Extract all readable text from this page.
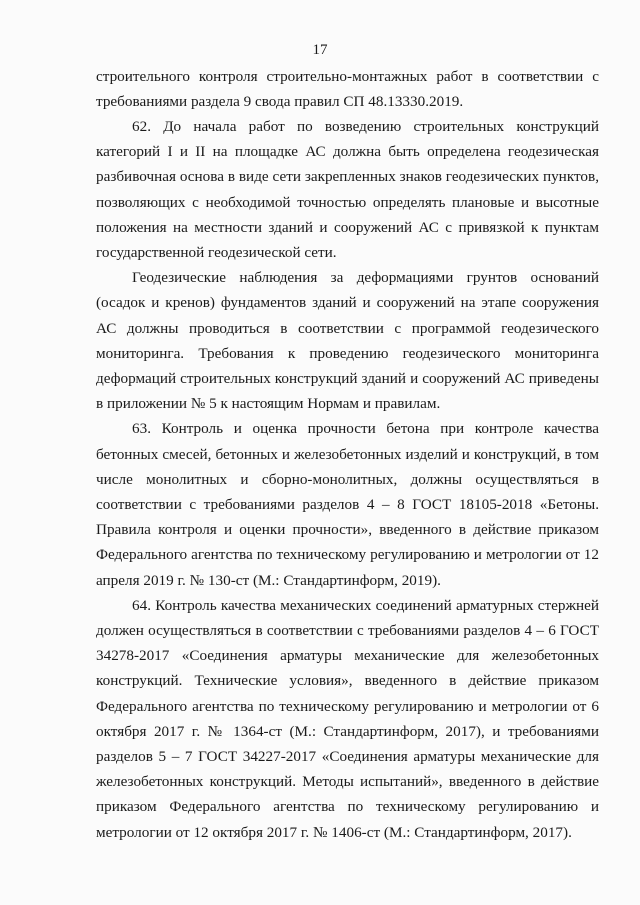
17

строительного контроля строительно-монтажных работ в соответствии с требованиями раздела 9 свода правил СП 48.13330.2019.

62. До начала работ по возведению строительных конструкций категорий I и II на площадке АС должна быть определена геодезическая разбивочная основа в виде сети закрепленных знаков геодезических пунктов, позволяющих с необходимой точностью определять плановые и высотные положения на местности зданий и сооружений АС с привязкой к пунктам государственной геодезической сети.

Геодезические наблюдения за деформациями грунтов оснований (осадок и кренов) фундаментов зданий и сооружений на этапе сооружения АС должны проводиться в соответствии с программой геодезического мониторинга. Требования к проведению геодезического мониторинга деформаций строительных конструкций зданий и сооружений АС приведены в приложении № 5 к настоящим Нормам и правилам.

63. Контроль и оценка прочности бетона при контроле качества бетонных смесей, бетонных и железобетонных изделий и конструкций, в том числе монолитных и сборно-монолитных, должны осуществляться в соответствии с требованиями разделов 4 – 8 ГОСТ 18105-2018 «Бетоны. Правила контроля и оценки прочности», введенного в действие приказом Федерального агентства по техническому регулированию и метрологии от 12 апреля 2019 г. № 130-ст (М.: Стандартинформ, 2019).

64. Контроль качества механических соединений арматурных стержней должен осуществляться в соответствии с требованиями разделов 4 – 6 ГОСТ 34278-2017 «Соединения арматуры механические для железобетонных конструкций. Технические условия», введенного в действие приказом Федерального агентства по техническому регулированию и метрологии от 6 октября 2017 г. № 1364-ст (М.: Стандартинформ, 2017), и требованиями разделов 5 – 7 ГОСТ 34227-2017 «Соединения арматуры механические для железобетонных конструкций. Методы испытаний», введенного в действие приказом Федерального агентства по техническому регулированию и метрологии от 12 октября 2017 г. № 1406-ст (М.: Стандартинформ, 2017).
